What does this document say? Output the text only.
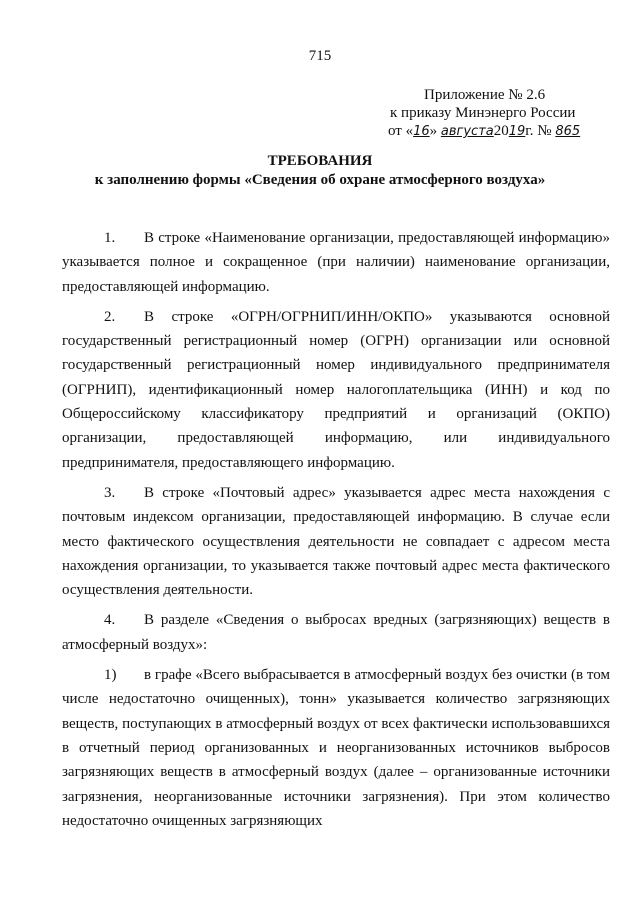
715
Приложение № 2.6
к приказу Минэнерго России
от «16» августа2019г. № 865
ТРЕБОВАНИЯ
к заполнению формы «Сведения об охране атмосферного воздуха»

1. В строке «Наименование организации, предоставляющей информацию» указывается полное и сокращенное (при наличии) наименование организации, предоставляющей информацию.

2. В строке «ОГРН/ОГРНИП/ИНН/ОКПО» указываются основной государственный регистрационный номер (ОГРН) организации или основной государственный регистрационный номер индивидуального предпринимателя (ОГРНИП), идентификационный номер налогоплательщика (ИНН) и код по Общероссийскому классификатору предприятий и организаций (ОКПО) организации, предоставляющей информацию, или индивидуального предпринимателя, предоставляющего информацию.

3. В строке «Почтовый адрес» указывается адрес места нахождения с почтовым индексом организации, предоставляющей информацию. В случае если место фактического осуществления деятельности не совпадает с адресом места нахождения организации, то указывается также почтовый адрес места фактического осуществления деятельности.

4. В разделе «Сведения о выбросах вредных (загрязняющих) веществ в атмосферный воздух»:

1) в графе «Всего выбрасывается в атмосферный воздух без очистки (в том числе недостаточно очищенных), тонн» указывается количество загрязняющих веществ, поступающих в атмосферный воздух от всех фактически использовавшихся в отчетный период организованных и неорганизованных источников выбросов загрязняющих веществ в атмосферный воздух (далее – организованные источники загрязнения, неорганизованные источники загрязнения). При этом количество недостаточно очищенных загрязняющих
